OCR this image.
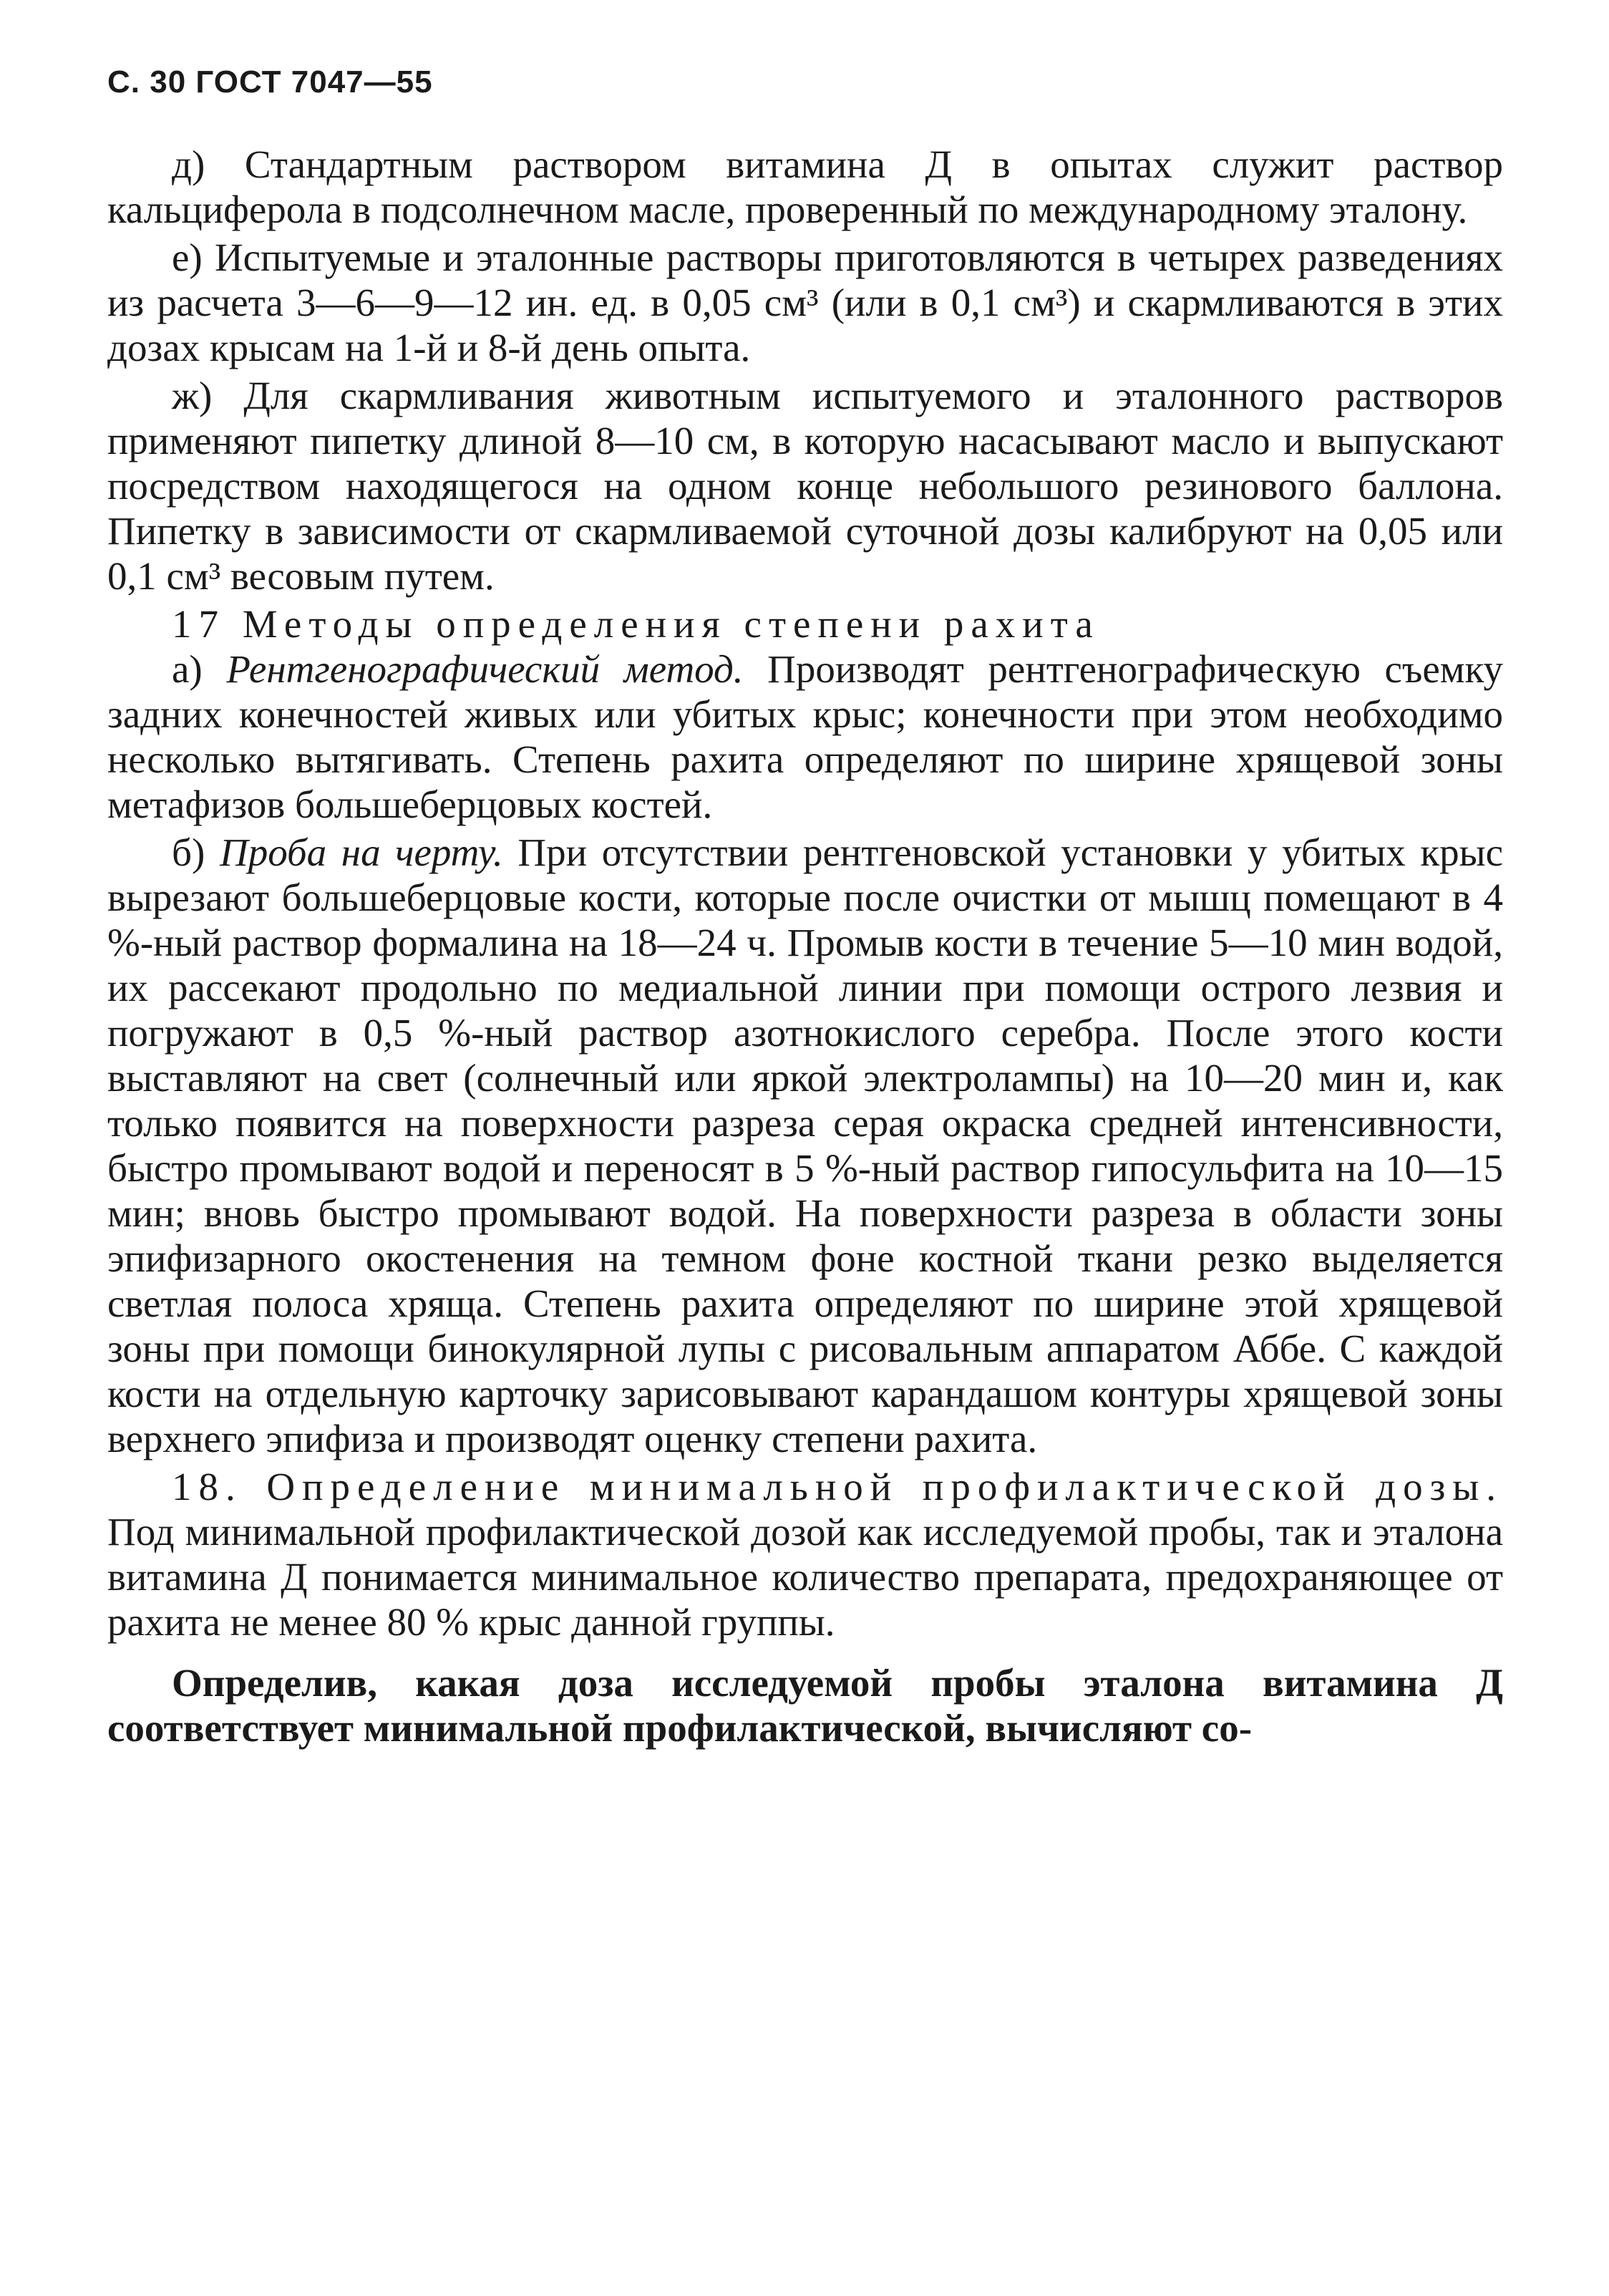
С. 30 ГОСТ 7047—55

д) Стандартным раствором витамина Д в опытах служит раствор кальциферола в подсолнечном масле, проверенный по международному эталону.

е) Испытуемые и эталонные растворы приготовляются в четырех разведениях из расчета 3—6—9—12 ин. ед. в 0,05 см³ (или в 0,1 см³) и скармливаются в этих дозах крысам на 1-й и 8-й день опыта.

ж) Для скармливания животным испытуемого и эталонного растворов применяют пипетку длиной 8—10 см, в которую насасывают масло и выпускают посредством находящегося на одном конце небольшого резинового баллона. Пипетку в зависимости от скармливаемой суточной дозы калибруют на 0,05 или 0,1 см³ весовым путем.

17 Методы определения степени рахита

а) Рентгенографический метод. Производят рентгенографическую съемку задних конечностей живых или убитых крыс; конечности при этом необходимо несколько вытягивать. Степень рахита определяют по ширине хрящевой зоны метафизов большеберцовых костей.

б) Проба на черту. При отсутствии рентгеновской установки у убитых крыс вырезают большеберцовые кости, которые после очистки от мышц помещают в 4 %-ный раствор формалина на 18—24 ч. Промыв кости в течение 5—10 мин водой, их рассекают продольно по медиальной линии при помощи острого лезвия и погружают в 0,5 %-ный раствор азотнокислого серебра. После этого кости выставляют на свет (солнечный или яркой электролампы) на 10—20 мин и, как только появится на поверхности разреза серая окраска средней интенсивности, быстро промывают водой и переносят в 5 %-ный раствор гипосульфита на 10—15 мин; вновь быстро промывают водой. На поверхности разреза в области зоны эпифизарного окостенения на темном фоне костной ткани резко выделяется светлая полоса хряща. Степень рахита определяют по ширине этой хрящевой зоны при помощи бинокулярной лупы с рисовальным аппаратом Аббе. С каждой кости на отдельную карточку зарисовывают карандашом контуры хрящевой зоны верхнего эпифиза и производят оценку степени рахита.

18. Определение минимальной профилактической дозы. Под минимальной профилактической дозой как исследуемой пробы, так и эталона витамина Д понимается минимальное количество препарата, предохраняющее от рахита не менее 80 % крыс данной группы.

Определив, какая доза исследуемой пробы эталона витамина Д соответствует минимальной профилактической, вычисляют со-
